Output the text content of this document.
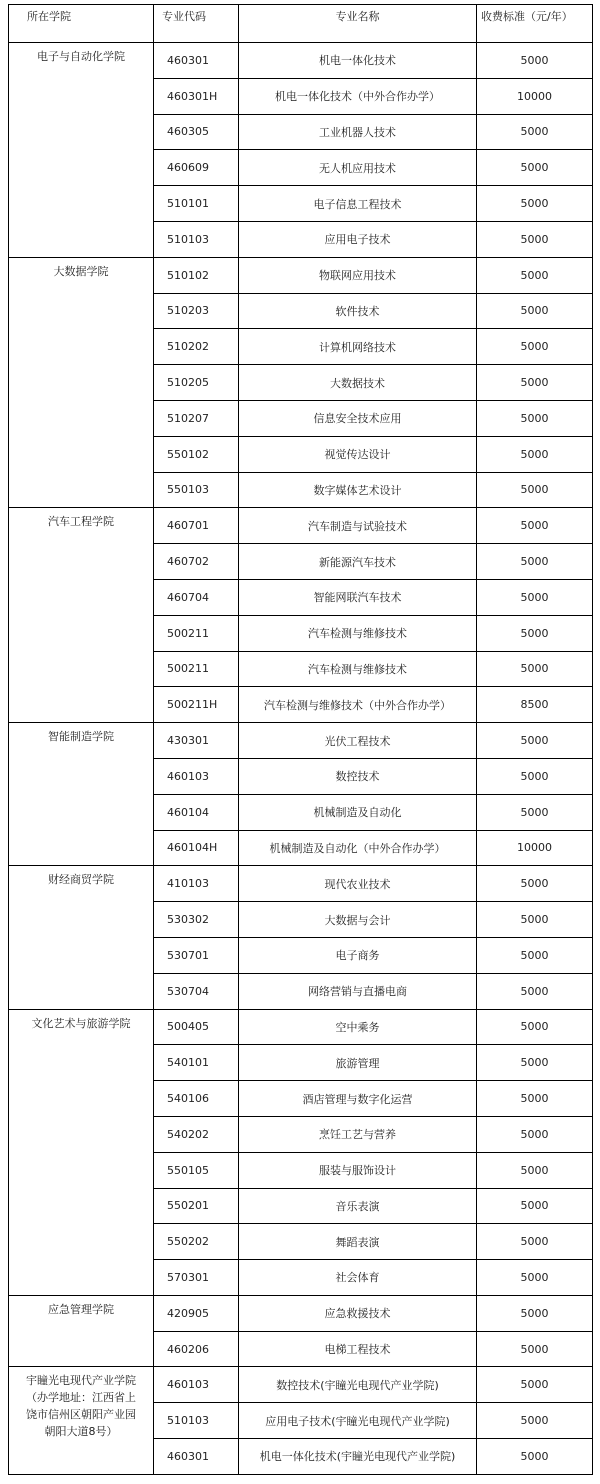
所在学院	专业代码	专业名称	收费标准（元/年）

电子与自动化学院	460301	机电一体化技术	5000
	460301H	机电一体化技术（中外合作办学）	10000
	460305	工业机器人技术	5000
	460609	无人机应用技术	5000
	510101	电子信息工程技术	5000
	510103	应用电子技术	5000

大数据学院	510102	物联网应用技术	5000
	510203	软件技术	5000
	510202	计算机网络技术	5000
	510205	大数据技术	5000
	510207	信息安全技术应用	5000
	550102	视觉传达设计	5000
	550103	数字媒体艺术设计	5000

汽车工程学院	460701	汽车制造与试验技术	5000
	460702	新能源汽车技术	5000
	460704	智能网联汽车技术	5000
	500211	汽车检测与维修技术	5000
	500211	汽车检测与维修技术	5000
	500211H	汽车检测与维修技术（中外合作办学）	8500

智能制造学院	430301	光伏工程技术	5000
	460103	数控技术	5000
	460104	机械制造及自动化	5000
	460104H	机械制造及自动化（中外合作办学）	10000

财经商贸学院	410103	现代农业技术	5000
	530302	大数据与会计	5000
	530701	电子商务	5000
	530704	网络营销与直播电商	5000

文化艺术与旅游学院	500405	空中乘务	5000
	540101	旅游管理	5000
	540106	酒店管理与数字化运营	5000
	540202	烹饪工艺与营养	5000
	550105	服装与服饰设计	5000
	550201	音乐表演	5000
	550202	舞蹈表演	5000
	570301	社会体育	5000

应急管理学院	420905	应急救援技术	5000
	460206	电梯工程技术	5000

宇瞳光电现代产业学院
（办学地址：江西省上
饶市信州区朝阳产业园
朝阳大道8号）	460103	数控技术(宇瞳光电现代产业学院)	5000
	510103	应用电子技术(宇瞳光电现代产业学院)	5000
	460301	机电一体化技术(宇瞳光电现代产业学院)	5000
